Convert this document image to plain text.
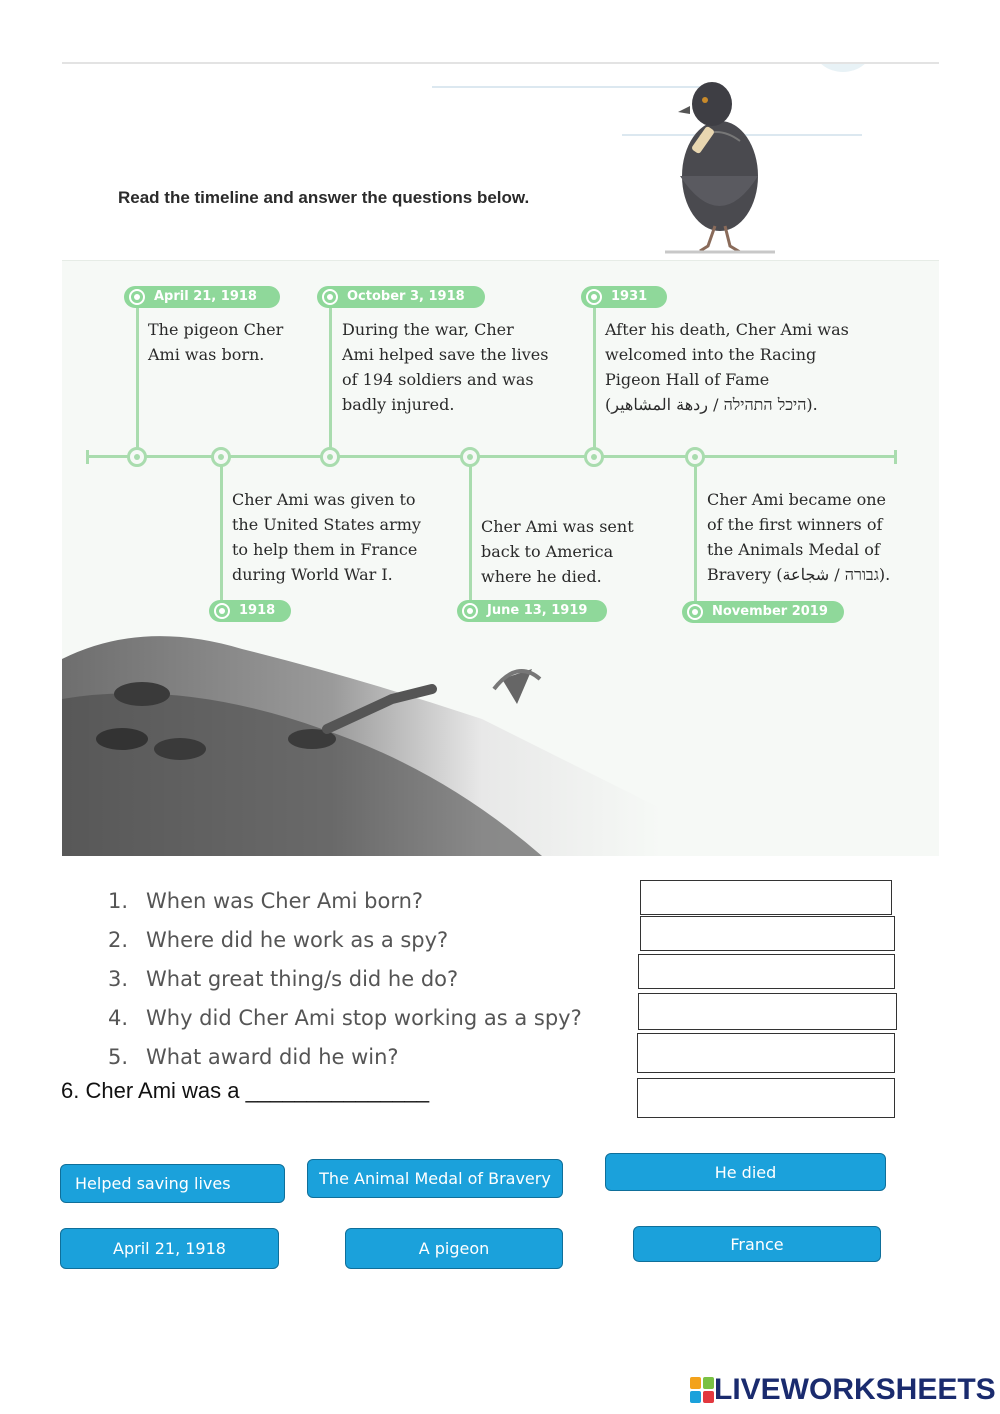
Read the timeline and answer the questions below.

April 21, 1918

The pigeon Cher
Ami was born.

October 3, 1918

During the war, Cher
Ami helped save the lives
of 194 soldiers and was
badly injured.

1931

After his death, Cher Ami was
welcomed into the Racing
Pigeon Hall of Fame
(היכל התהילה / ردهة المشاهير).

Cher Ami was given to
the United States army
to help them in France
during World War I.

1918

Cher Ami was sent
back to America
where he died.

June 13, 1919

Cher Ami became one
of the first winners of
the Animals Medal of
Bravery (גבורה / شجاعة).

November 2019
1. When was Cher Ami born?
2. Where did he work as a spy?
3. What great thing/s did he do?
4. Why did Cher Ami stop working as a spy?
5. What award did he win?

6. Cher Ami was a _______________

Helped saving lives	The Animal Medal of Bravery	He died
April 21, 1918	A pigeon	France
LIVEWORKSHEETS
